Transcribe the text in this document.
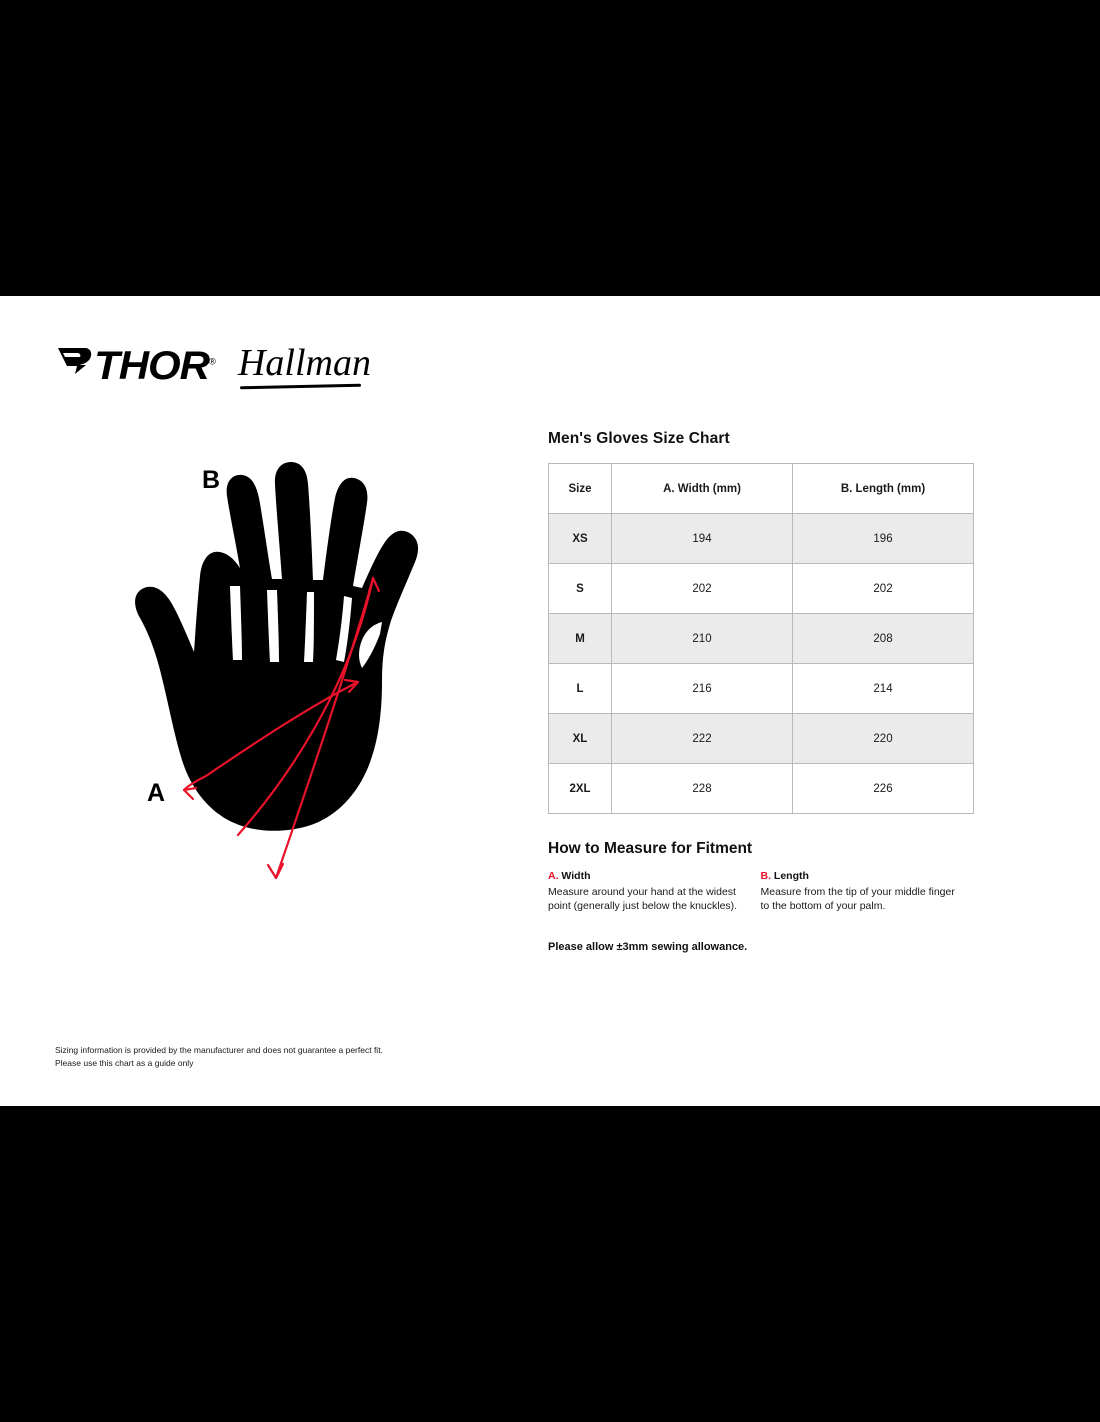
THOR® Hallman
B
A
Men's Gloves Size Chart
Size	A. Width (mm)	B. Length (mm)
XS	194	196
S	202	202
M	210	208
L	216	214
XL	222	220
2XL	228	226
How to Measure for Fitment
A. Width
Measure around your hand at the widest point (generally just below the knuckles).
B. Length
Measure from the tip of your middle finger to the bottom of your palm.
Please allow ±3mm sewing allowance.
Sizing information is provided by the manufacturer and does not guarantee a perfect fit.
Please use this chart as a guide only
